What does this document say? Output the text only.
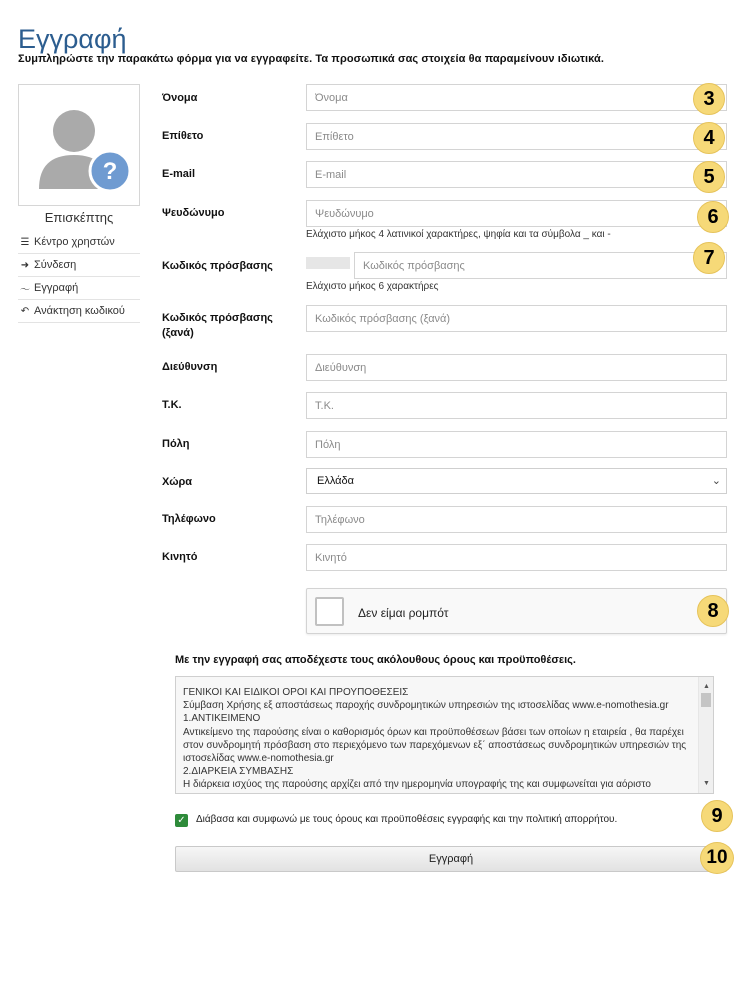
Εγγραφή
Συμπληρώστε την παρακάτω φόρμα για να εγγραφείτε. Τα προσωπικά σας στοιχεία θα παραμείνουν ιδιωτικά.
?
Επισκέπτης
☰ Κέντρο χρηστών
➜ Σύνδεση
〜 Εγγραφή
↶ Ανάκτηση κωδικού
Όνομα
Όνομα
Επίθετο
Επίθετο
E-mail
E-mail
Ψευδώνυμο
Ψευδώνυμο
Ελάχιστο μήκος 4 λατινικοί χαρακτήρες, ψηφία και τα σύμβολα _ και -
Κωδικός πρόσβασης
Ελάχιστο μήκος 6 χαρακτήρες
Κωδικός πρόσβασης
(ξανά)
Διεύθυνση
Διεύθυνση
Τ.Κ.
Τ.Κ.
Πόλη
Πόλη
Χώρα	Ελλάδα	⌄
Τηλέφωνο
Τηλέφωνο
Κινητό
Κινητό
Δεν είμαι ρομπότ
Με την εγγραφή σας αποδέχεστε τους ακόλουθους όρους και προϋποθέσεις.

ΓΕΝΙΚΟΙ ΚΑΙ ΕΙΔΙΚΟΙ ΟΡΟΙ ΚΑΙ ΠΡΟΥΠΟΘΕΣΕΙΣ

Σύμβαση Χρήσης εξ αποστάσεως παροχής συνδρομητικών υπηρεσιών της ιστοσελίδας www.e-nomothesia.gr

1.ΑΝΤΙΚΕΙΜΕΝΟ

Αντικείμενο της παρούσης είναι ο καθορισμός όρων και προϋποθέσεων βάσει των οποίων η εταιρεία , θα παρέχει στον συνδρομητή πρόσβαση στο περιεχόμενο των παρεχόμενων εξ΄ αποστάσεως συνδρομητικών υπηρεσιών της ιστοσελίδας www.e-nomothesia.gr

2.ΔΙΑΡΚΕΙΑ ΣΥΜΒΑΣΗΣ

Η διάρκεια ισχύος της παρούσης αρχίζει από την ημερομηνία υπογραφής της και συμφωνείται για αόριστο

▲
▼
✓ Διάβασα και συμφωνώ με τους όρους και προϋποθέσεις εγγραφής και την πολιτική απορρήτου.
Εγγραφή
3
4
5
6
7
8
9
10
